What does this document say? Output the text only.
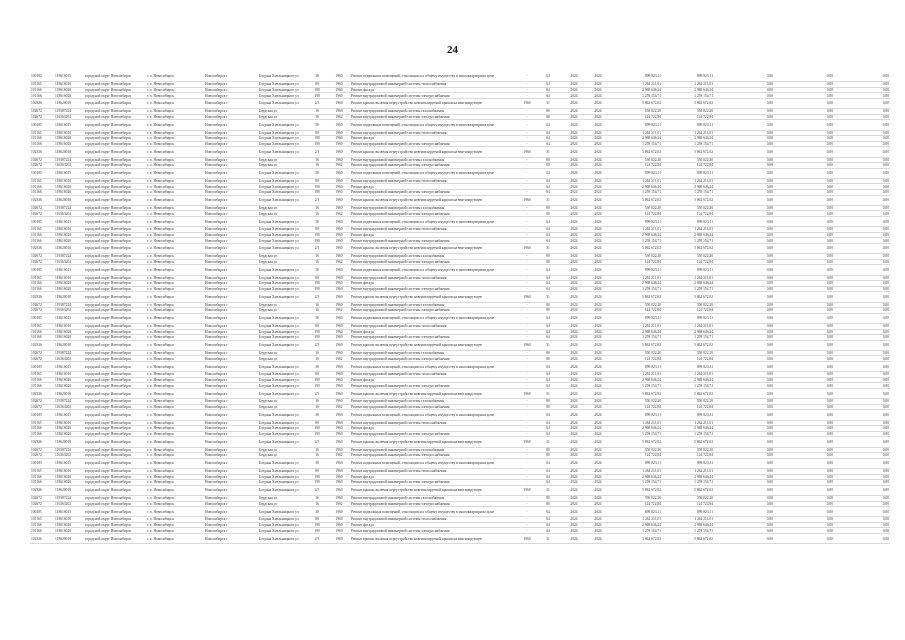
24
100185	118616015	городской округ Новосибирск	г. о. Новосибирск	Новосибирск г	Богдана Хмельницкого ул	38	1960	Ремонт подвальных помещений, относящихся к общему имуществу в многоквартирном доме	-	64	2024	2024	899 823,11	899 823,11	0,00	0,00	0,00
101165	118616010	городской округ Новосибирск	г. о. Новосибирск	Новосибирск г	Богдана Хмельницкого ул	80	1960	Ремонт внутридомовой инженерной системы теплоснабжения	-	64	2024	2024	1 262 211,01	1 262 211,01	0,00	0,00	0,00
101166	118616020	городской округ Новосибирск	г. о. Новосибирск	Новосибирск г	Богдана Хмельницкого ул	190	1960	Ремонт фасада	-	64	2024	2024	2 968 646,24	2 968 646,24	0,00	0,00	0,00
101166	118616020	городской округ Новосибирск	г. о. Новосибирск	Новосибирск г	Богдана Хмельницкого ул	190	1960	Ремонт внутридомовой инженерной системы электроснабжения	-	64	2024	2024	1 259 154,71	1 259 154,71	0,00	0,00	0,00
102526	118620018	городской округ Новосибирск	г. о. Новосибирск	Новосибирск г	Богдана Хмельницкого ул	2/3	1960	Ремонт крыши, включая переустройство невентилируемой крыши на вентилируемую	1960	31	2024	2024	5 862 672,02	5 862 672,02	0,00	0,00	0,00
102672	119387224	городской округ Новосибирск	г. о. Новосибирск	Новосибирск г	Бердская ул	16	1960	Ремонт внутридомовой инженерной системы газоснабжения	-	80	2024	2024	550 022,20	550 022,20	0,00	0,00	0,00
102672	116363202	городской округ Новосибирск	г. о. Новосибирск	Новосибирск г	Бердская ул	16	1962	Ремонт внутридомовой инженерной системы электроснабжения	-	80	2024	2024	124 722,84	124 722,84	0,00	0,00	0,00
100185	118616015	городской округ Новосибирск	г. о. Новосибирск	Новосибирск г	Богдана Хмельницкого ул	38	1960	Ремонт подвальных помещений, относящихся к общему имуществу в многоквартирном доме	-	64	2024	2024	899 823,11	899 823,11	0,00	0,00	0,00
101165	118616010	городской округ Новосибирск	г. о. Новосибирск	Новосибирск г	Богдана Хмельницкого ул	80	1960	Ремонт внутридомовой инженерной системы теплоснабжения	-	64	2024	2024	1 262 211,01	1 262 211,01	0,00	0,00	0,00
101166	118616020	городской округ Новосибирск	г. о. Новосибирск	Новосибирск г	Богдана Хмельницкого ул	190	1960	Ремонт фасада	-	64	2024	2024	2 968 646,24	2 968 646,24	0,00	0,00	0,00
101166	118616020	городской округ Новосибирск	г. о. Новосибирск	Новосибирск г	Богдана Хмельницкого ул	190	1960	Ремонт внутридомовой инженерной системы электроснабжения	-	64	2024	2024	1 259 154,71	1 259 154,71	0,00	0,00	0,00
102526	118620018	городской округ Новосибирск	г. о. Новосибирск	Новосибирск г	Богдана Хмельницкого ул	2/3	1960	Ремонт крыши, включая переустройство невентилируемой крыши на вентилируемую	1960	31	2024	2024	5 862 672,02	5 862 672,02	0,00	0,00	0,00
102672	119387224	городской округ Новосибирск	г. о. Новосибирск	Новосибирск г	Бердская ул	16	1960	Ремонт внутридомовой инженерной системы газоснабжения	-	80	2024	2024	550 022,20	550 022,20	0,00	0,00	0,00
102672	116363202	городской округ Новосибирск	г. о. Новосибирск	Новосибирск г	Бердская ул	16	1962	Ремонт внутридомовой инженерной системы электроснабжения	-	80	2024	2024	124 722,84	124 722,84	0,00	0,00	0,00
100185	118616015	городской округ Новосибирск	г. о. Новосибирск	Новосибирск г	Богдана Хмельницкого ул	38	1960	Ремонт подвальных помещений, относящихся к общему имуществу в многоквартирном доме	-	64	2024	2024	899 823,11	899 823,11	0,00	0,00	0,00
101165	118616010	городской округ Новосибирск	г. о. Новосибирск	Новосибирск г	Богдана Хмельницкого ул	80	1960	Ремонт внутридомовой инженерной системы теплоснабжения	-	64	2024	2024	1 262 211,01	1 262 211,01	0,00	0,00	0,00
101166	118616020	городской округ Новосибирск	г. о. Новосибирск	Новосибирск г	Богдана Хмельницкого ул	190	1960	Ремонт фасада	-	64	2024	2024	2 968 646,24	2 968 646,24	0,00	0,00	0,00
101166	118616020	городской округ Новосибирск	г. о. Новосибирск	Новосибирск г	Богдана Хмельницкого ул	190	1960	Ремонт внутридомовой инженерной системы электроснабжения	-	64	2024	2024	1 259 154,71	1 259 154,71	0,00	0,00	0,00
102526	118620018	городской округ Новосибирск	г. о. Новосибирск	Новосибирск г	Богдана Хмельницкого ул	2/3	1960	Ремонт крыши, включая переустройство невентилируемой крыши на вентилируемую	1960	31	2024	2024	5 862 672,02	5 862 672,02	0,00	0,00	0,00
102672	119387224	городской округ Новосибирск	г. о. Новосибирск	Новосибирск г	Бердская ул	16	1960	Ремонт внутридомовой инженерной системы газоснабжения	-	80	2024	2024	550 022,20	550 022,20	0,00	0,00	0,00
102672	116363202	городской округ Новосибирск	г. о. Новосибирск	Новосибирск г	Бердская ул	16	1962	Ремонт внутридомовой инженерной системы электроснабжения	-	80	2024	2024	124 722,84	124 722,84	0,00	0,00	0,00
100185	118616015	городской округ Новосибирск	г. о. Новосибирск	Новосибирск г	Богдана Хмельницкого ул	38	1960	Ремонт подвальных помещений, относящихся к общему имуществу в многоквартирном доме	-	64	2024	2024	899 823,11	899 823,11	0,00	0,00	0,00
101165	118616010	городской округ Новосибирск	г. о. Новосибирск	Новосибирск г	Богдана Хмельницкого ул	80	1960	Ремонт внутридомовой инженерной системы теплоснабжения	-	64	2024	2024	1 262 211,01	1 262 211,01	0,00	0,00	0,00
101166	118616020	городской округ Новосибирск	г. о. Новосибирск	Новосибирск г	Богдана Хмельницкого ул	190	1960	Ремонт фасада	-	64	2024	2024	2 968 646,24	2 968 646,24	0,00	0,00	0,00
101166	118616020	городской округ Новосибирск	г. о. Новосибирск	Новосибирск г	Богдана Хмельницкого ул	190	1960	Ремонт внутридомовой инженерной системы электроснабжения	-	64	2024	2024	1 259 154,71	1 259 154,71	0,00	0,00	0,00
102526	118620018	городской округ Новосибирск	г. о. Новосибирск	Новосибирск г	Богдана Хмельницкого ул	2/3	1960	Ремонт крыши, включая переустройство невентилируемой крыши на вентилируемую	1960	31	2024	2024	5 862 672,02	5 862 672,02	0,00	0,00	0,00
102672	119387224	городской округ Новосибирск	г. о. Новосибирск	Новосибирск г	Бердская ул	16	1960	Ремонт внутридомовой инженерной системы газоснабжения	-	80	2024	2024	550 022,20	550 022,20	0,00	0,00	0,00
102672	116363202	городской округ Новосибирск	г. о. Новосибирск	Новосибирск г	Бердская ул	16	1962	Ремонт внутридомовой инженерной системы электроснабжения	-	80	2024	2024	124 722,84	124 722,84	0,00	0,00	0,00
100185	118616015	городской округ Новосибирск	г. о. Новосибирск	Новосибирск г	Богдана Хмельницкого ул	38	1960	Ремонт подвальных помещений, относящихся к общему имуществу в многоквартирном доме	-	64	2024	2024	899 823,11	899 823,11	0,00	0,00	0,00
101165	118616010	городской округ Новосибирск	г. о. Новосибирск	Новосибирск г	Богдана Хмельницкого ул	80	1960	Ремонт внутридомовой инженерной системы теплоснабжения	-	64	2024	2024	1 262 211,01	1 262 211,01	0,00	0,00	0,00
101166	118616020	городской округ Новосибирск	г. о. Новосибирск	Новосибирск г	Богдана Хмельницкого ул	190	1960	Ремонт фасада	-	64	2024	2024	2 968 646,24	2 968 646,24	0,00	0,00	0,00
101166	118616020	городской округ Новосибирск	г. о. Новосибирск	Новосибирск г	Богдана Хмельницкого ул	190	1960	Ремонт внутридомовой инженерной системы электроснабжения	-	64	2024	2024	1 259 154,71	1 259 154,71	0,00	0,00	0,00
102526	118620018	городской округ Новосибирск	г. о. Новосибирск	Новосибирск г	Богдана Хмельницкого ул	2/3	1960	Ремонт крыши, включая переустройство невентилируемой крыши на вентилируемую	1960	31	2024	2024	5 862 672,02	5 862 672,02	0,00	0,00	0,00
102672	119387224	городской округ Новосибирск	г. о. Новосибирск	Новосибирск г	Бердская ул	16	1960	Ремонт внутридомовой инженерной системы газоснабжения	-	80	2024	2024	550 022,20	550 022,20	0,00	0,00	0,00
102672	116363202	городской округ Новосибирск	г. о. Новосибирск	Новосибирск г	Бердская ул	16	1962	Ремонт внутридомовой инженерной системы электроснабжения	-	80	2024	2024	124 722,84	124 722,84	0,00	0,00	0,00
100185	118616015	городской округ Новосибирск	г. о. Новосибирск	Новосибирск г	Богдана Хмельницкого ул	38	1960	Ремонт подвальных помещений, относящихся к общему имуществу в многоквартирном доме	-	64	2024	2024	899 823,11	899 823,11	0,00	0,00	0,00
101165	118616010	городской округ Новосибирск	г. о. Новосибирск	Новосибирск г	Богдана Хмельницкого ул	80	1960	Ремонт внутридомовой инженерной системы теплоснабжения	-	64	2024	2024	1 262 211,01	1 262 211,01	0,00	0,00	0,00
101166	118616020	городской округ Новосибирск	г. о. Новосибирск	Новосибирск г	Богдана Хмельницкого ул	190	1960	Ремонт фасада	-	64	2024	2024	2 968 646,24	2 968 646,24	0,00	0,00	0,00
101166	118616020	городской округ Новосибирск	г. о. Новосибирск	Новосибирск г	Богдана Хмельницкого ул	190	1960	Ремонт внутридомовой инженерной системы электроснабжения	-	64	2024	2024	1 259 154,71	1 259 154,71	0,00	0,00	0,00
102526	118620018	городской округ Новосибирск	г. о. Новосибирск	Новосибирск г	Богдана Хмельницкого ул	2/3	1960	Ремонт крыши, включая переустройство невентилируемой крыши на вентилируемую	1960	31	2024	2024	5 862 672,02	5 862 672,02	0,00	0,00	0,00
102672	119387224	городской округ Новосибирск	г. о. Новосибирск	Новосибирск г	Бердская ул	16	1960	Ремонт внутридомовой инженерной системы газоснабжения	-	80	2024	2024	550 022,20	550 022,20	0,00	0,00	0,00
102672	116363202	городской округ Новосибирск	г. о. Новосибирск	Новосибирск г	Бердская ул	16	1962	Ремонт внутридомовой инженерной системы электроснабжения	-	80	2024	2024	124 722,84	124 722,84	0,00	0,00	0,00
100185	118616015	городской округ Новосибирск	г. о. Новосибирск	Новосибирск г	Богдана Хмельницкого ул	38	1960	Ремонт подвальных помещений, относящихся к общему имуществу в многоквартирном доме	-	64	2024	2024	899 823,11	899 823,11	0,00	0,00	0,00
101165	118616010	городской округ Новосибирск	г. о. Новосибирск	Новосибирск г	Богдана Хмельницкого ул	80	1960	Ремонт внутридомовой инженерной системы теплоснабжения	-	64	2024	2024	1 262 211,01	1 262 211,01	0,00	0,00	0,00
101166	118616020	городской округ Новосибирск	г. о. Новосибирск	Новосибирск г	Богдана Хмельницкого ул	190	1960	Ремонт фасада	-	64	2024	2024	2 968 646,24	2 968 646,24	0,00	0,00	0,00
101166	118616020	городской округ Новосибирск	г. о. Новосибирск	Новосибирск г	Богдана Хмельницкого ул	190	1960	Ремонт внутридомовой инженерной системы электроснабжения	-	64	2024	2024	1 259 154,71	1 259 154,71	0,00	0,00	0,00
102526	118620018	городской округ Новосибирск	г. о. Новосибирск	Новосибирск г	Богдана Хмельницкого ул	2/3	1960	Ремонт крыши, включая переустройство невентилируемой крыши на вентилируемую	1960	31	2024	2024	5 862 672,02	5 862 672,02	0,00	0,00	0,00
102672	119387224	городской округ Новосибирск	г. о. Новосибирск	Новосибирск г	Бердская ул	16	1960	Ремонт внутридомовой инженерной системы газоснабжения	-	80	2024	2024	550 022,20	550 022,20	0,00	0,00	0,00
102672	116363202	городской округ Новосибирск	г. о. Новосибирск	Новосибирск г	Бердская ул	16	1962	Ремонт внутридомовой инженерной системы электроснабжения	-	80	2024	2024	124 722,84	124 722,84	0,00	0,00	0,00
100185	118616015	городской округ Новосибирск	г. о. Новосибирск	Новосибирск г	Богдана Хмельницкого ул	38	1960	Ремонт подвальных помещений, относящихся к общему имуществу в многоквартирном доме	-	64	2024	2024	899 823,11	899 823,11	0,00	0,00	0,00
101165	118616010	городской округ Новосибирск	г. о. Новосибирск	Новосибирск г	Богдана Хмельницкого ул	80	1960	Ремонт внутридомовой инженерной системы теплоснабжения	-	64	2024	2024	1 262 211,01	1 262 211,01	0,00	0,00	0,00
101166	118616020	городской округ Новосибирск	г. о. Новосибирск	Новосибирск г	Богдана Хмельницкого ул	190	1960	Ремонт фасада	-	64	2024	2024	2 968 646,24	2 968 646,24	0,00	0,00	0,00
101166	118616020	городской округ Новосибирск	г. о. Новосибирск	Новосибирск г	Богдана Хмельницкого ул	190	1960	Ремонт внутридомовой инженерной системы электроснабжения	-	64	2024	2024	1 259 154,71	1 259 154,71	0,00	0,00	0,00
102526	118620018	городской округ Новосибирск	г. о. Новосибирск	Новосибирск г	Богдана Хмельницкого ул	2/3	1960	Ремонт крыши, включая переустройство невентилируемой крыши на вентилируемую	1960	31	2024	2024	5 862 672,02	5 862 672,02	0,00	0,00	0,00
102672	119387224	городской округ Новосибирск	г. о. Новосибирск	Новосибирск г	Бердская ул	16	1960	Ремонт внутридомовой инженерной системы газоснабжения	-	80	2024	2024	550 022,20	550 022,20	0,00	0,00	0,00
102672	116363202	городской округ Новосибирск	г. о. Новосибирск	Новосибирск г	Бердская ул	16	1962	Ремонт внутридомовой инженерной системы электроснабжения	-	80	2024	2024	124 722,84	124 722,84	0,00	0,00	0,00
100185	118616015	городской округ Новосибирск	г. о. Новосибирск	Новосибирск г	Богдана Хмельницкого ул	38	1960	Ремонт подвальных помещений, относящихся к общему имуществу в многоквартирном доме	-	64	2024	2024	899 823,11	899 823,11	0,00	0,00	0,00
101165	118616010	городской округ Новосибирск	г. о. Новосибирск	Новосибирск г	Богдана Хмельницкого ул	80	1960	Ремонт внутридомовой инженерной системы теплоснабжения	-	64	2024	2024	1 262 211,01	1 262 211,01	0,00	0,00	0,00
101166	118616020	городской округ Новосибирск	г. о. Новосибирск	Новосибирск г	Богдана Хмельницкого ул	190	1960	Ремонт фасада	-	64	2024	2024	2 968 646,24	2 968 646,24	0,00	0,00	0,00
101166	118616020	городской округ Новосибирск	г. о. Новосибирск	Новосибирск г	Богдана Хмельницкого ул	190	1960	Ремонт внутридомовой инженерной системы электроснабжения	-	64	2024	2024	1 259 154,71	1 259 154,71	0,00	0,00	0,00
102526	118620018	городской округ Новосибирск	г. о. Новосибирск	Новосибирск г	Богдана Хмельницкого ул	2/3	1960	Ремонт крыши, включая переустройство невентилируемой крыши на вентилируемую	1960	31	2024	2024	5 862 672,02	5 862 672,02	0,00	0,00	0,00
102672	119387224	городской округ Новосибирск	г. о. Новосибирск	Новосибирск г	Бердская ул	16	1960	Ремонт внутридомовой инженерной системы газоснабжения	-	80	2024	2024	550 022,20	550 022,20	0,00	0,00	0,00
102672	116363202	городской округ Новосибирск	г. о. Новосибирск	Новосибирск г	Бердская ул	16	1962	Ремонт внутридомовой инженерной системы электроснабжения	-	80	2024	2024	124 722,84	124 722,84	0,00	0,00	0,00
100185	118616015	городской округ Новосибирск	г. о. Новосибирск	Новосибирск г	Богдана Хмельницкого ул	38	1960	Ремонт подвальных помещений, относящихся к общему имуществу в многоквартирном доме	-	64	2024	2024	899 823,11	899 823,11	0,00	0,00	0,00
101165	118616010	городской округ Новосибирск	г. о. Новосибирск	Новосибирск г	Богдана Хмельницкого ул	80	1960	Ремонт внутридомовой инженерной системы теплоснабжения	-	64	2024	2024	1 262 211,01	1 262 211,01	0,00	0,00	0,00
101166	118616020	городской округ Новосибирск	г. о. Новосибирск	Новосибирск г	Богдана Хмельницкого ул	190	1960	Ремонт фасада	-	64	2024	2024	2 968 646,24	2 968 646,24	0,00	0,00	0,00
101166	118616020	городской округ Новосибирск	г. о. Новосибирск	Новосибирск г	Богдана Хмельницкого ул	190	1960	Ремонт внутридомовой инженерной системы электроснабжения	-	64	2024	2024	1 259 154,71	1 259 154,71	0,00	0,00	0,00
102526	118620018	городской округ Новосибирск	г. о. Новосибирск	Новосибирск г	Богдана Хмельницкого ул	2/3	1960	Ремонт крыши, включая переустройство невентилируемой крыши на вентилируемую	1960	31	2024	2024	5 862 672,02	5 862 672,02	0,00	0,00	0,00
